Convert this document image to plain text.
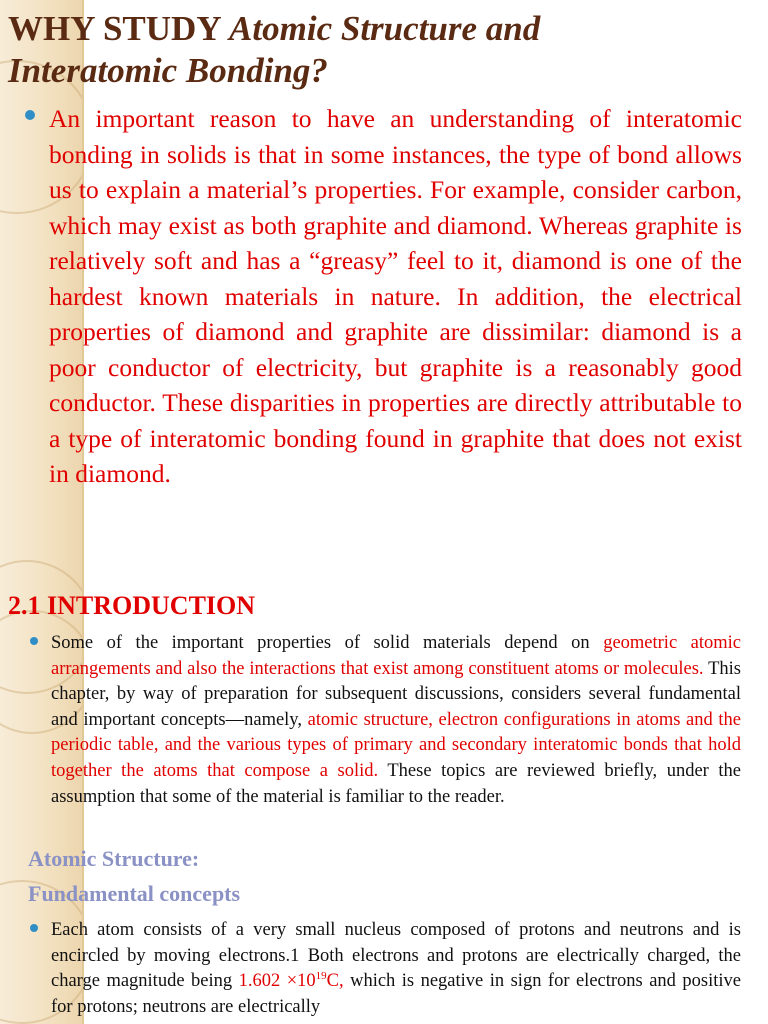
WHY STUDY Atomic Structure and
Interatomic Bonding?

An important reason to have an understanding of interatomic bonding in solids is that in some instances, the type of bond allows us to explain a material’s properties. For example, consider carbon, which may exist as both graphite and diamond. Whereas graphite is relatively soft and has a “greasy” feel to it, diamond is one of the hardest known materials in nature. In addition, the electrical properties of diamond and graphite are dissimilar: diamond is a poor conductor of electricity, but graphite is a reasonably good conductor. These disparities in properties are directly attributable to a type of interatomic bonding found in graphite that does not exist in diamond.

2.1 INTRODUCTION

Some of the important properties of solid materials depend on geometric atomic arrangements and also the interactions that exist among constituent atoms or molecules. This chapter, by way of preparation for subsequent discussions, considers several fundamental and important concepts—namely, atomic structure, electron configurations in atoms and the periodic table, and the various types of primary and secondary interatomic bonds that hold together the atoms that compose a solid. These topics are reviewed briefly, under the assumption that some of the material is familiar to the reader.

Atomic Structure:

Fundamental concepts

Each atom consists of a very small nucleus composed of protons and neutrons and is encircled by moving electrons.1 Both electrons and protons are electrically charged, the charge magnitude being $1.602 \times 10^{19}C$, which is negative in sign for electrons and positive for protons; neutrons are electrically
